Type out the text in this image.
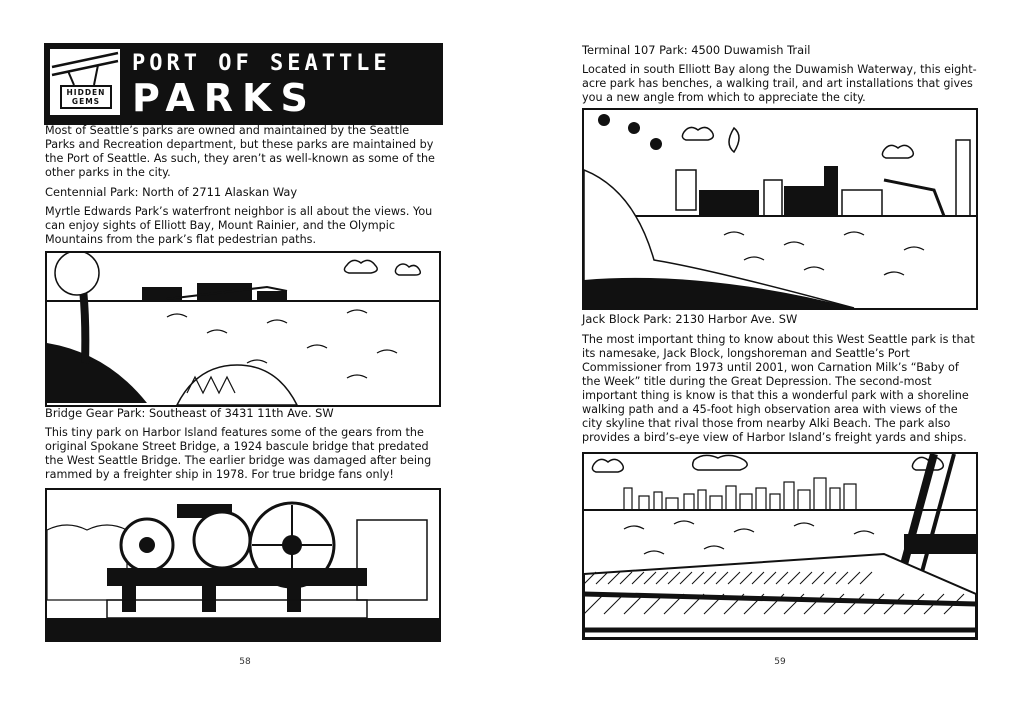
HIDDEN GEMS
PORT OF SEATTLE
PARKS
Most of Seattle’s parks are owned and maintained by the Seattle Parks and Recreation department, but these parks are maintained by the Port of Seattle. As such, they aren’t as well-known as some of the other parks in the city.
Centennial Park: North of 2711 Alaskan Way
Myrtle Edwards Park’s waterfront neighbor is all about the views. You can enjoy sights of Elliott Bay, Mount Rainier, and the Olympic Mountains from the park’s flat pedestrian paths.
Bridge Gear Park: Southeast of 3431 11th Ave. SW
This tiny park on Harbor Island features some of the gears from the original Spokane Street Bridge, a 1924 bascule bridge that predated the West Seattle Bridge. The earlier bridge was damaged after being rammed by a freighter ship in 1978. For true bridge fans only!
58
Terminal 107 Park: 4500 Duwamish Trail
Located in south Elliott Bay along the Duwamish Waterway, this eight-acre park has benches, a walking trail, and art installations that gives you a new angle from which to appreciate the city.
Jack Block Park: 2130 Harbor Ave. SW
The most important thing to know about this West Seattle park is that its namesake, Jack Block, longshoreman and Seattle’s Port Commissioner from 1973 until 2001, won Carnation Milk’s “Baby of the Week” title during the Great Depression. The second-most important thing is know is that this a wonderful park with a shoreline walking path and a 45-foot high observation area with views of the city skyline that rival those from nearby Alki Beach. The park also provides a bird’s-eye view of Harbor Island’s freight yards and ships.
59
